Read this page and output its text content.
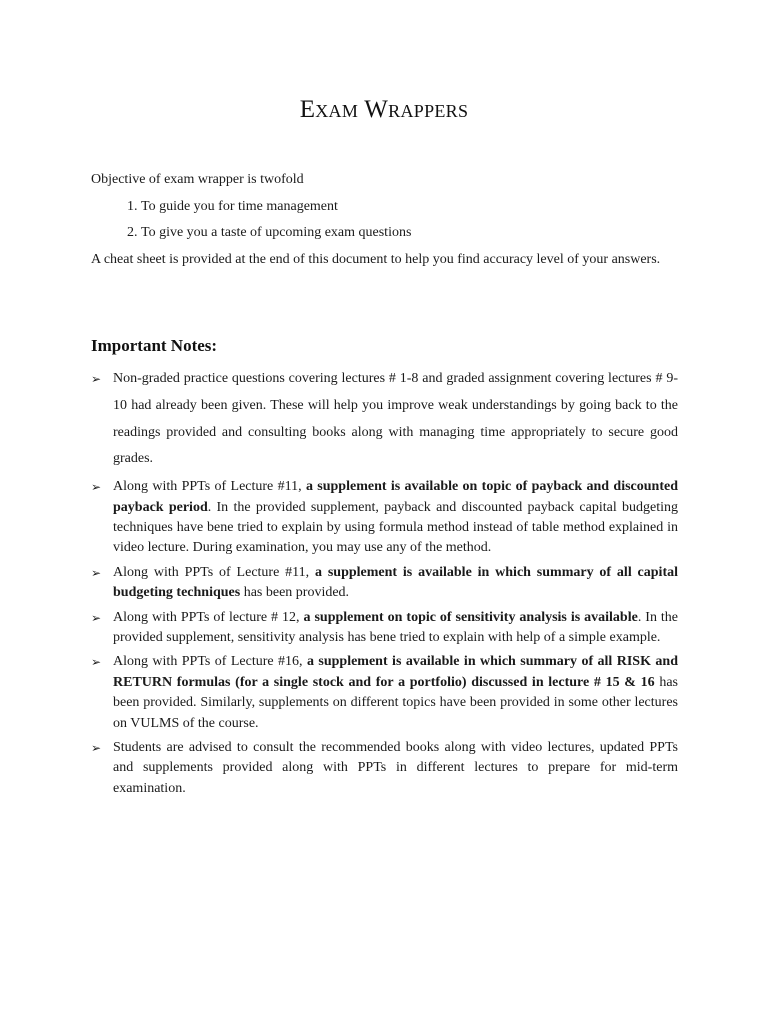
Exam Wrappers

Objective of exam wrapper is twofold

1. To guide you for time management
2. To give you a taste of upcoming exam questions

A cheat sheet is provided at the end of this document to help you find accuracy level of your answers.

Important Notes:
➢ Non-graded practice questions covering lectures # 1-8 and graded assignment covering lectures # 9-10 had already been given. These will help you improve weak understandings by going back to the readings provided and consulting books along with managing time appropriately to secure good grades.
➢ Along with PPTs of Lecture #11, a supplement is available on topic of payback and discounted payback period. In the provided supplement, payback and discounted payback capital budgeting techniques have bene tried to explain by using formula method instead of table method explained in video lecture. During examination, you may use any of the method.
➢ Along with PPTs of Lecture #11, a supplement is available in which summary of all capital budgeting techniques has been provided.
➢ Along with PPTs of lecture # 12, a supplement on topic of sensitivity analysis is available. In the provided supplement, sensitivity analysis has bene tried to explain with help of a simple example.
➢ Along with PPTs of Lecture #16, a supplement is available in which summary of all RISK and RETURN formulas (for a single stock and for a portfolio) discussed in lecture # 15 & 16 has been provided. Similarly, supplements on different topics have been provided in some other lectures on VULMS of the course.
➢ Students are advised to consult the recommended books along with video lectures, updated PPTs and supplements provided along with PPTs in different lectures to prepare for mid-term examination.
